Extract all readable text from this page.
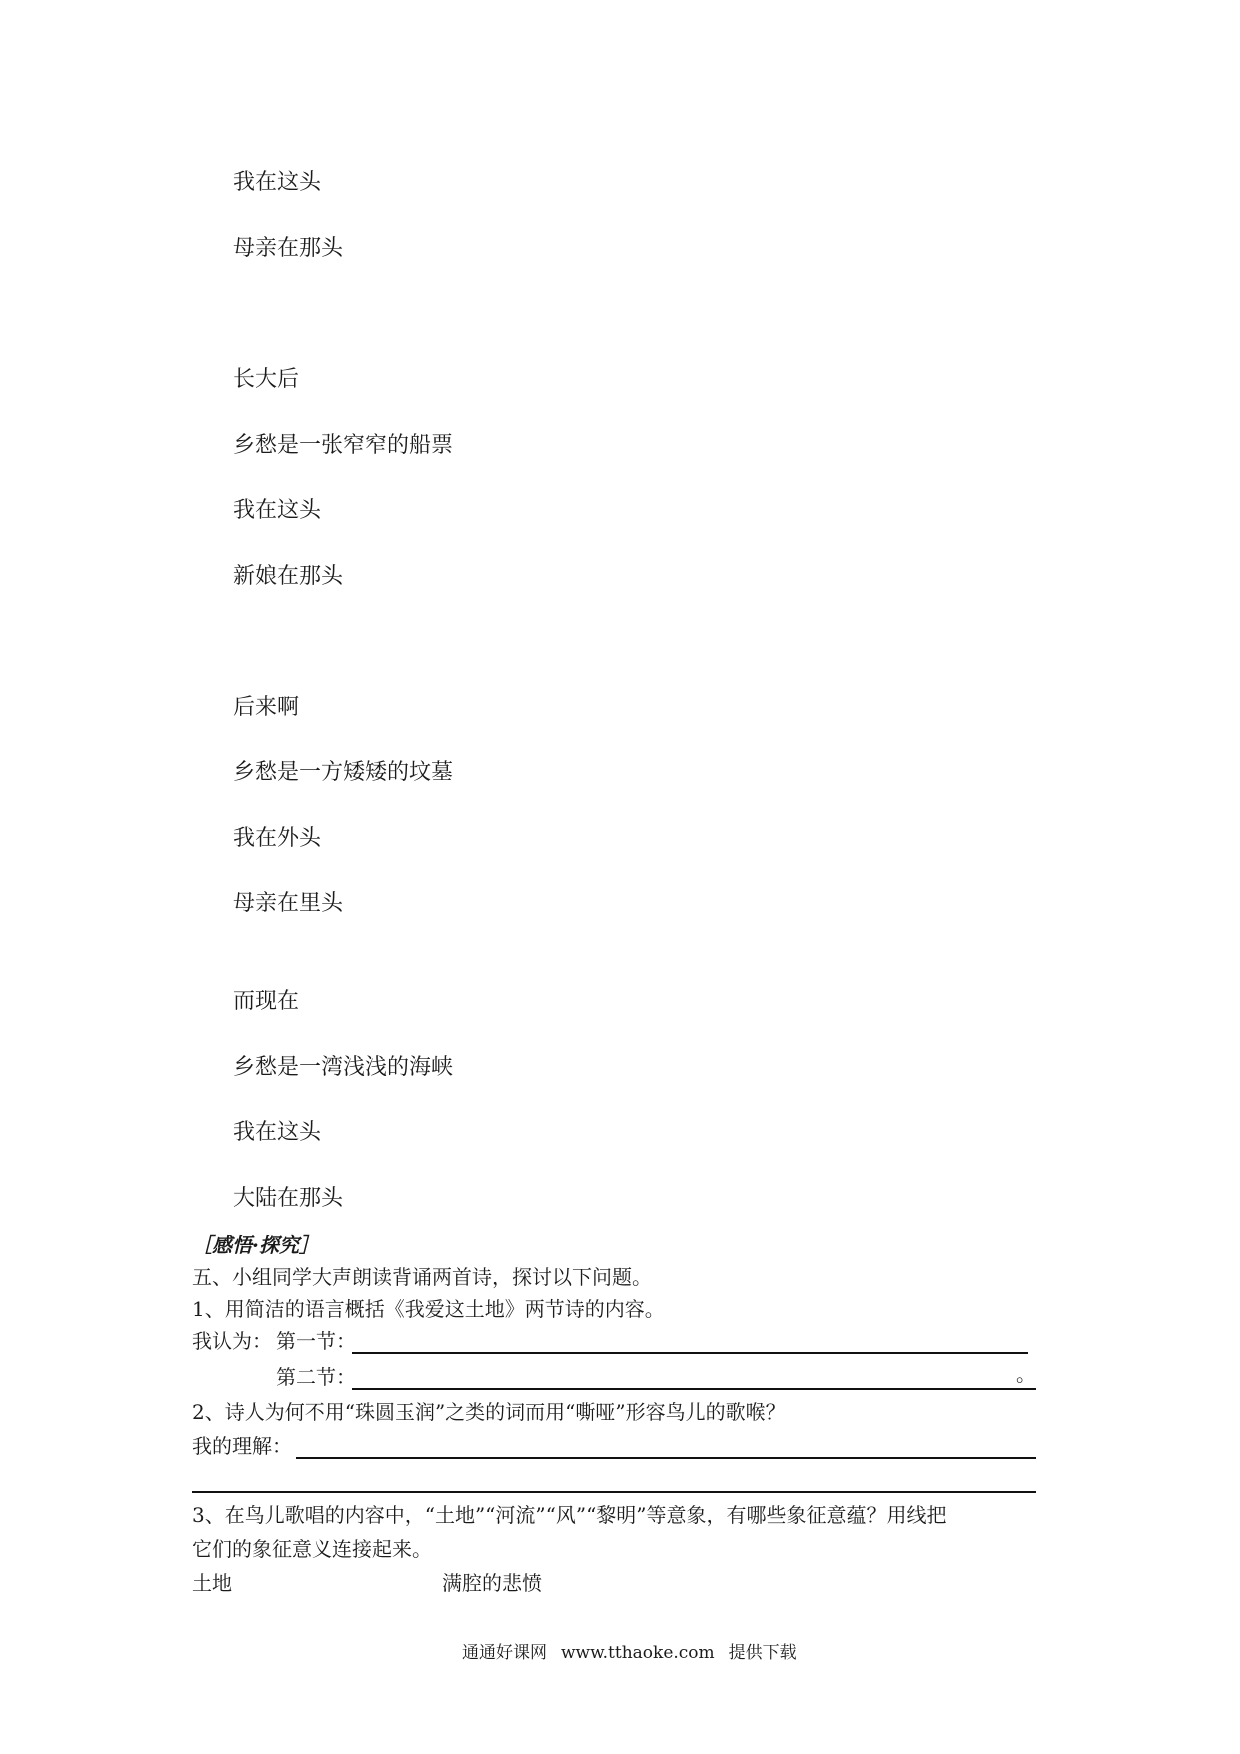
我在这头
母亲在那头
长大后
乡愁是一张窄窄的船票
我在这头
新娘在那头
后来啊
乡愁是一方矮矮的坟墓
我在外头
母亲在里头
而现在
乡愁是一湾浅浅的海峡
我在这头
大陆在那头
［感悟·探究］
五、小组同学大声朗读背诵两首诗，探讨以下问题。
1、用简洁的语言概括《我爱这土地》两节诗的内容。
我认为： 第一节：
第二节：	。
2、诗人为何不用“珠圆玉润”之类的词而用“嘶哑”形容鸟儿的歌喉？
我的理解：
3、在鸟儿歌唱的内容中，“土地”“河流”“风”“黎明”等意象，有哪些象征意蕴？用线把
它们的象征意义连接起来。
土地	满腔的悲愤
通通好课网 www.tthaoke.com 提供下载
